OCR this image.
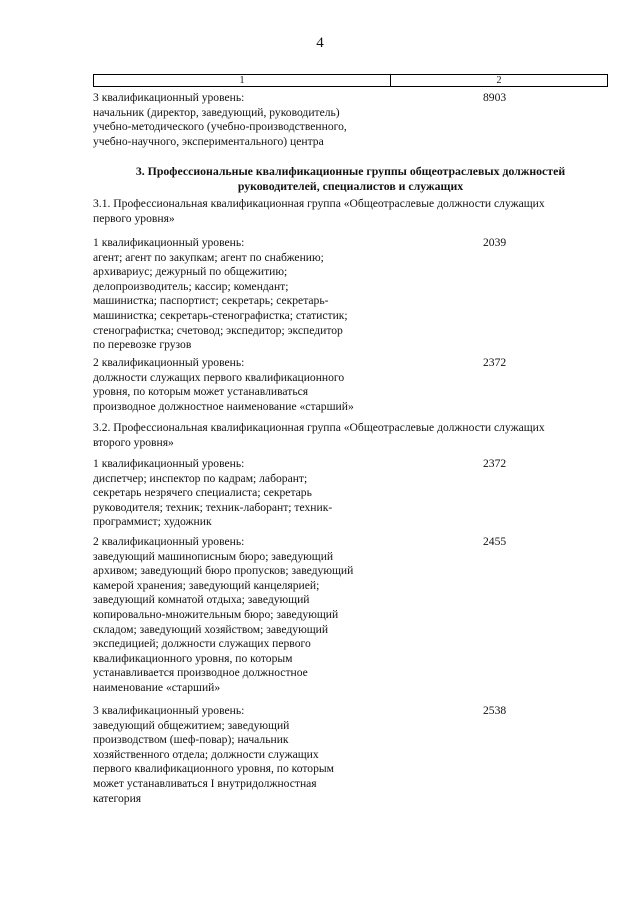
4
1	2
3 квалификационный уровень:
начальник (директор, заведующий, руководитель)
учебно-методического (учебно-производственного,
учебно-научного, экспериментального) центра
8903
3. Профессиональные квалификационные группы общеотраслевых должностей
руководителей, специалистов и служащих
3.1. Профессиональная квалификационная группа «Общеотраслевые должности служащих
первого уровня»
1 квалификационный уровень:
агент; агент по закупкам; агент по снабжению;
архивариус; дежурный по общежитию;
делопроизводитель; кассир; комендант;
машинистка; паспортист; секретарь; секретарь-
машинистка; секретарь-стенографистка; статистик;
стенографистка; счетовод; экспедитор; экспедитор
по перевозке грузов
2039
2 квалификационный уровень:
должности служащих первого квалификационного
уровня, по которым может устанавливаться
производное должностное наименование «старший»
2372
3.2. Профессиональная квалификационная группа «Общеотраслевые должности служащих
второго уровня»
1 квалификационный уровень:
диспетчер; инспектор по кадрам; лаборант;
секретарь незрячего специалиста; секретарь
руководителя; техник; техник-лаборант; техник-
программист; художник
2372
2 квалификационный уровень:
заведующий машинописным бюро; заведующий
архивом; заведующий бюро пропусков; заведующий
камерой хранения; заведующий канцелярией;
заведующий комнатой отдыха; заведующий
копировально-множительным бюро; заведующий
складом; заведующий хозяйством; заведующий
экспедицией; должности служащих первого
квалификационного уровня, по которым
устанавливается производное должностное
наименование «старший»
2455
3 квалификационный уровень:
заведующий общежитием; заведующий
производством (шеф-повар); начальник
хозяйственного отдела; должности служащих
первого квалификационного уровня, по которым
может устанавливаться I внутридолжностная
категория
2538
